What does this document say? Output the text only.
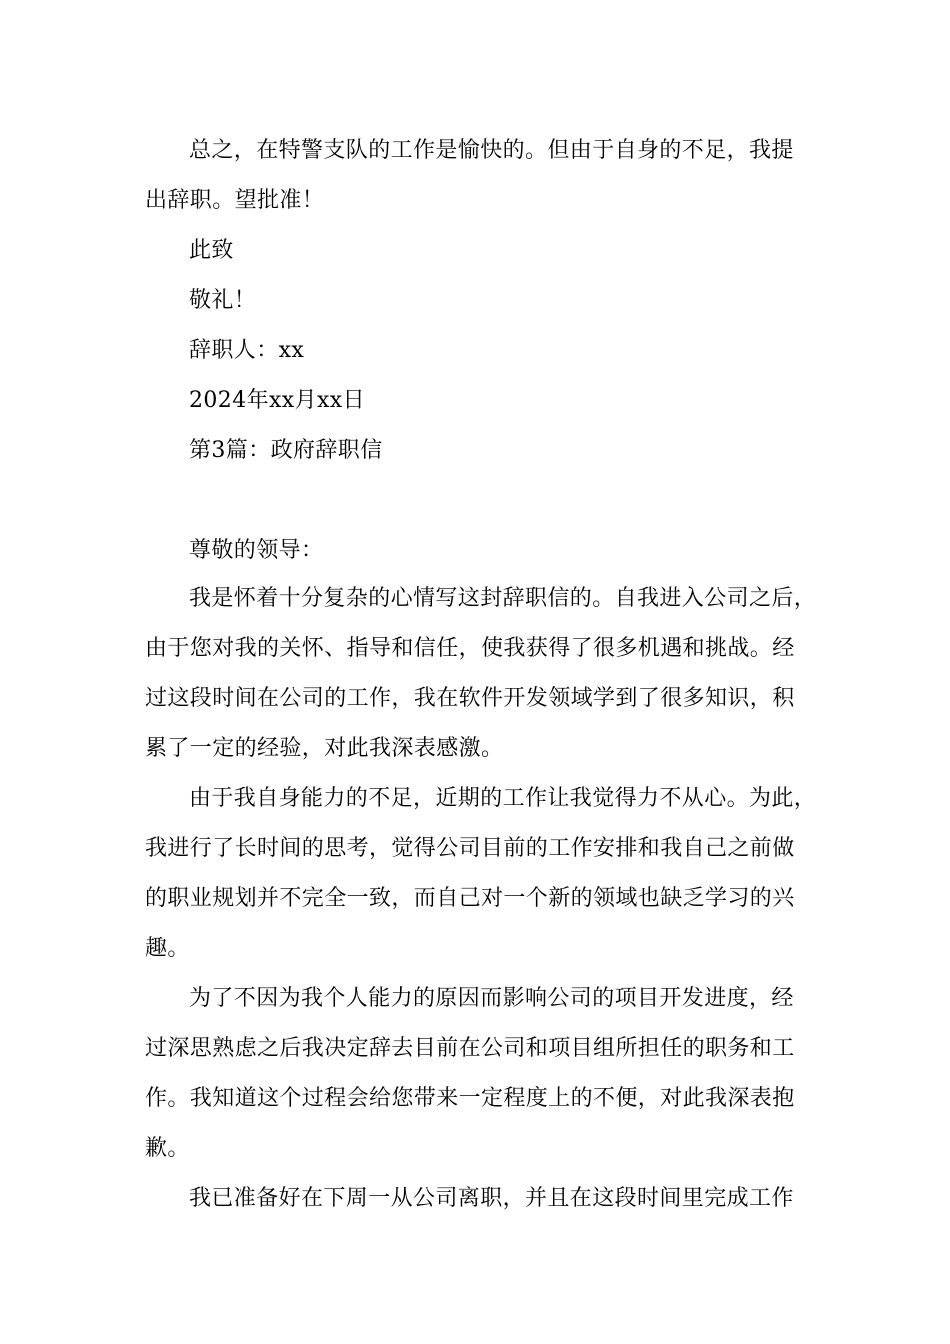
总之，在特警支队的工作是愉快的。但由于自身的不足，我提
出辞职。望批准！
此致
敬礼！
辞职人：xx
2024年xx月xx日
第3篇：政府辞职信
尊敬的领导：
我是怀着十分复杂的心情写这封辞职信的。自我进入公司之后，
由于您对我的关怀、指导和信任，使我获得了很多机遇和挑战。经
过这段时间在公司的工作，我在软件开发领域学到了很多知识，积
累了一定的经验，对此我深表感激。
由于我自身能力的不足，近期的工作让我觉得力不从心。为此，
我进行了长时间的思考，觉得公司目前的工作安排和我自己之前做
的职业规划并不完全一致，而自己对一个新的领域也缺乏学习的兴
趣。
为了不因为我个人能力的原因而影响公司的项目开发进度，经
过深思熟虑之后我决定辞去目前在公司和项目组所担任的职务和工
作。我知道这个过程会给您带来一定程度上的不便，对此我深表抱
歉。
我已准备好在下周一从公司离职，并且在这段时间里完成工作
